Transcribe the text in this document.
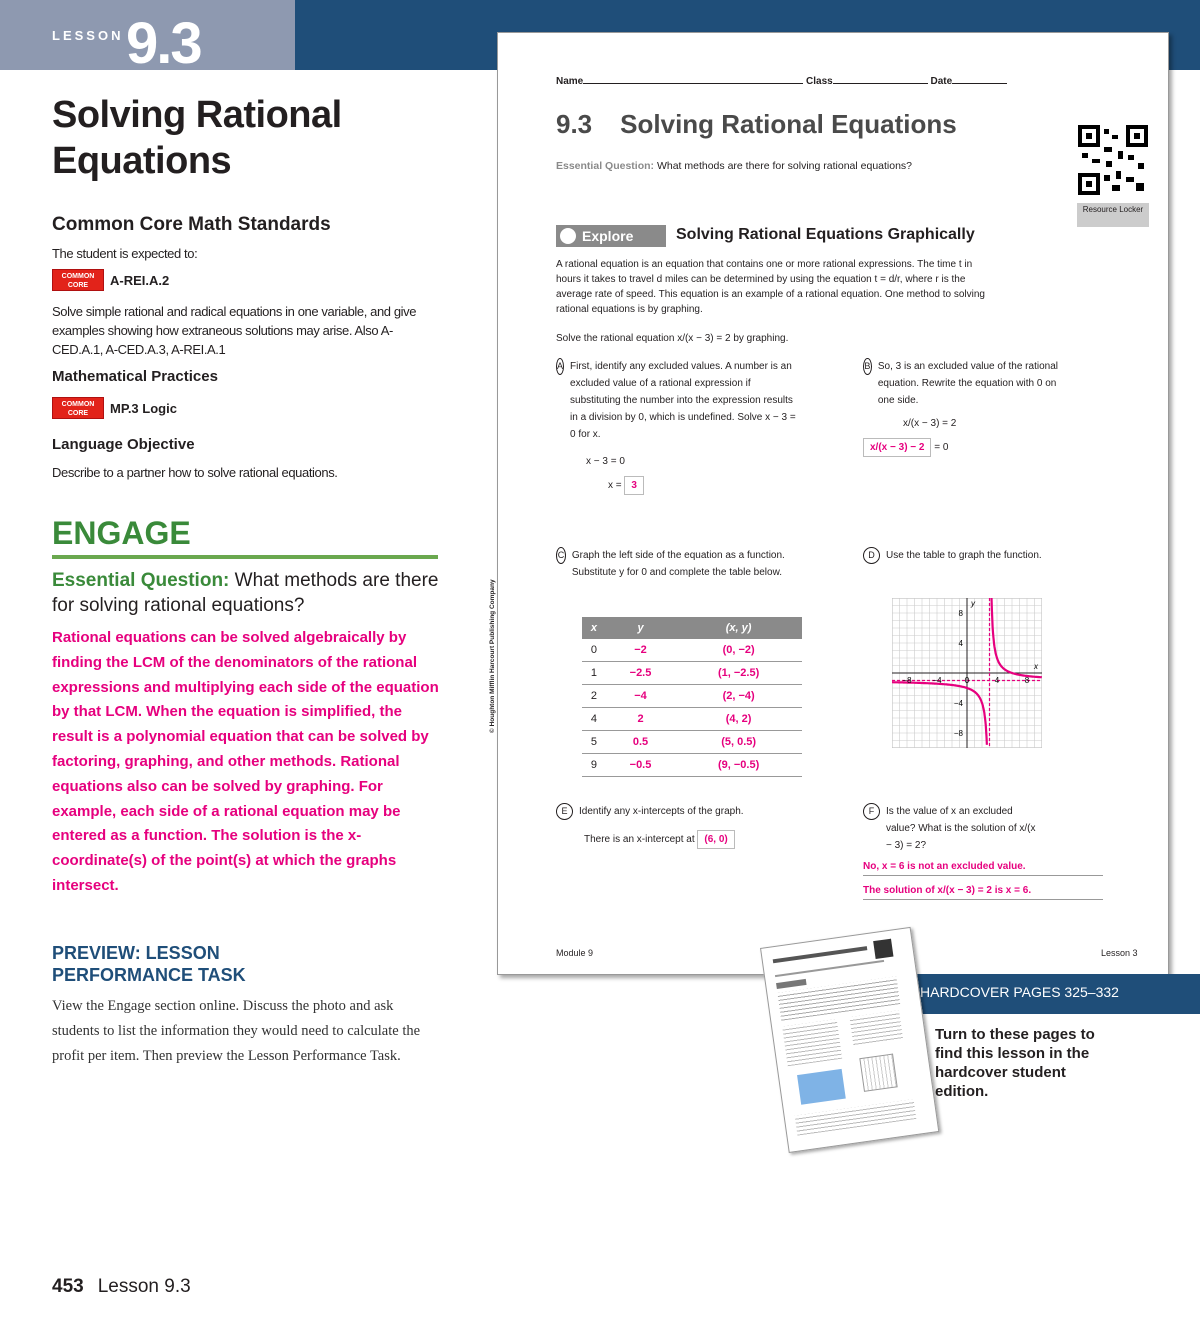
LESSON 9.3
Solving Rational Equations
Common Core Math Standards
The student is expected to:
COMMON CORE A-REI.A.2
Solve simple rational and radical equations in one variable, and give examples showing how extraneous solutions may arise. Also A-CED.A.1, A-CED.A.3, A-REI.A.1
Mathematical Practices
COMMON CORE MP.3 Logic
Language Objective
Describe to a partner how to solve rational equations.
ENGAGE
Essential Question: What methods are there for solving rational equations?
Rational equations can be solved algebraically by finding the LCM of the denominators of the rational expressions and multiplying each side of the equation by that LCM. When the equation is simplified, the result is a polynomial equation that can be solved by factoring, graphing, and other methods. Rational equations also can be solved by graphing. For example, each side of a rational equation may be entered as a function. The solution is the x-coordinate(s) of the point(s) at which the graphs intersect.
PREVIEW: LESSON PERFORMANCE TASK
View the Engage section online. Discuss the photo and ask students to list the information they would need to calculate the profit per item. Then preview the Lesson Performance Task.
453 Lesson 9.3
Name	Class	Date
9.3 Solving Rational Equations
Essential Question: What methods are there for solving rational equations?
Resource Locker
Explore	Solving Rational Equations Graphically
A rational equation is an equation that contains one or more rational expressions. The time t in hours it takes to travel d miles can be determined by using the equation t = d/r, where r is the average rate of speed. This equation is an example of a rational equation. One method to solving rational equations is by graphing.
Solve the rational equation x/(x − 3) = 2 by graphing.
A First, identify any excluded values. A number is an excluded value of a rational expression if substituting the number into the expression results in a division by 0, which is undefined. Solve x − 3 = 0 for x.
x − 3 = 0
x = 3
B So, 3 is an excluded value of the rational equation. Rewrite the equation with 0 on one side.
x/(x − 3) = 2
x/(x − 3) − 2 = 0
C Graph the left side of the equation as a function. Substitute y for 0 and complete the table below.
x	y	(x, y)
0	−2	(0, −2)
1	−2.5	(1, −2.5)
2	−4	(2, −4)
4	2	(4, 2)
5	0.5	(5, 0.5)
9	−0.5	(9, −0.5)
D	Use the table to graph the function.
8
4
−4
−8
−8	−4	0	4	8
x
y
E	Identify any x-intercepts of the graph.
There is an x-intercept at (6, 0)
F	Is the value of x an excluded value? What is the solution of x/(x − 3) = 2?
No, x = 6 is not an excluded value.
The solution of x/(x − 3) = 2 is x = 6.
© Houghton Mifflin Harcourt Publishing Company
Module 9	Lesson 3
HARDCOVER PAGES 325–332
Turn to these pages to find this lesson in the hardcover student edition.
